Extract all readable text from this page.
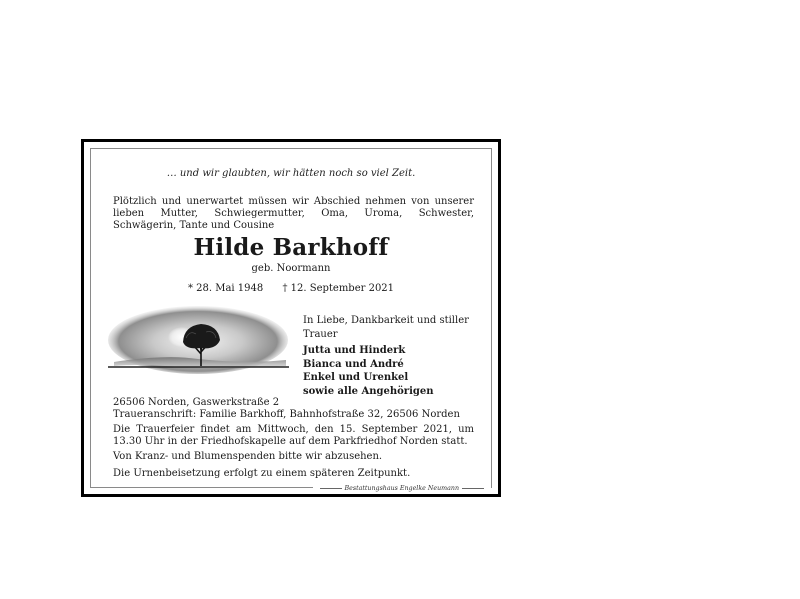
… und wir glaubten, wir hätten noch so viel Zeit.
Plötzlich und unerwartet müssen wir Abschied nehmen von unserer lieben Mutter, Schwiegermutter, Oma, Uroma, Schwester, Schwägerin, Tante und Cousine
Hilde Barkhoff
geb. Noormann
* 28. Mai 1948 † 12. September 2021
In Liebe, Dankbarkeit und stiller Trauer
Jutta und Hinderk
Bianca und André
Enkel und Urenkel
sowie alle Angehörigen
26506 Norden, Gaswerkstraße 2
Traueranschrift: Familie Barkhoff, Bahnhofstraße 32, 26506 Norden
Die Trauerfeier findet am Mittwoch, den 15. September 2021, um 13.30 Uhr in der Friedhofskapelle auf dem Parkfriedhof Norden statt.
Von Kranz- und Blumenspenden bitte wir abzusehen.
Die Urnenbeisetzung erfolgt zu einem späteren Zeitpunkt.
Bestattungshaus Engelke Neumann
